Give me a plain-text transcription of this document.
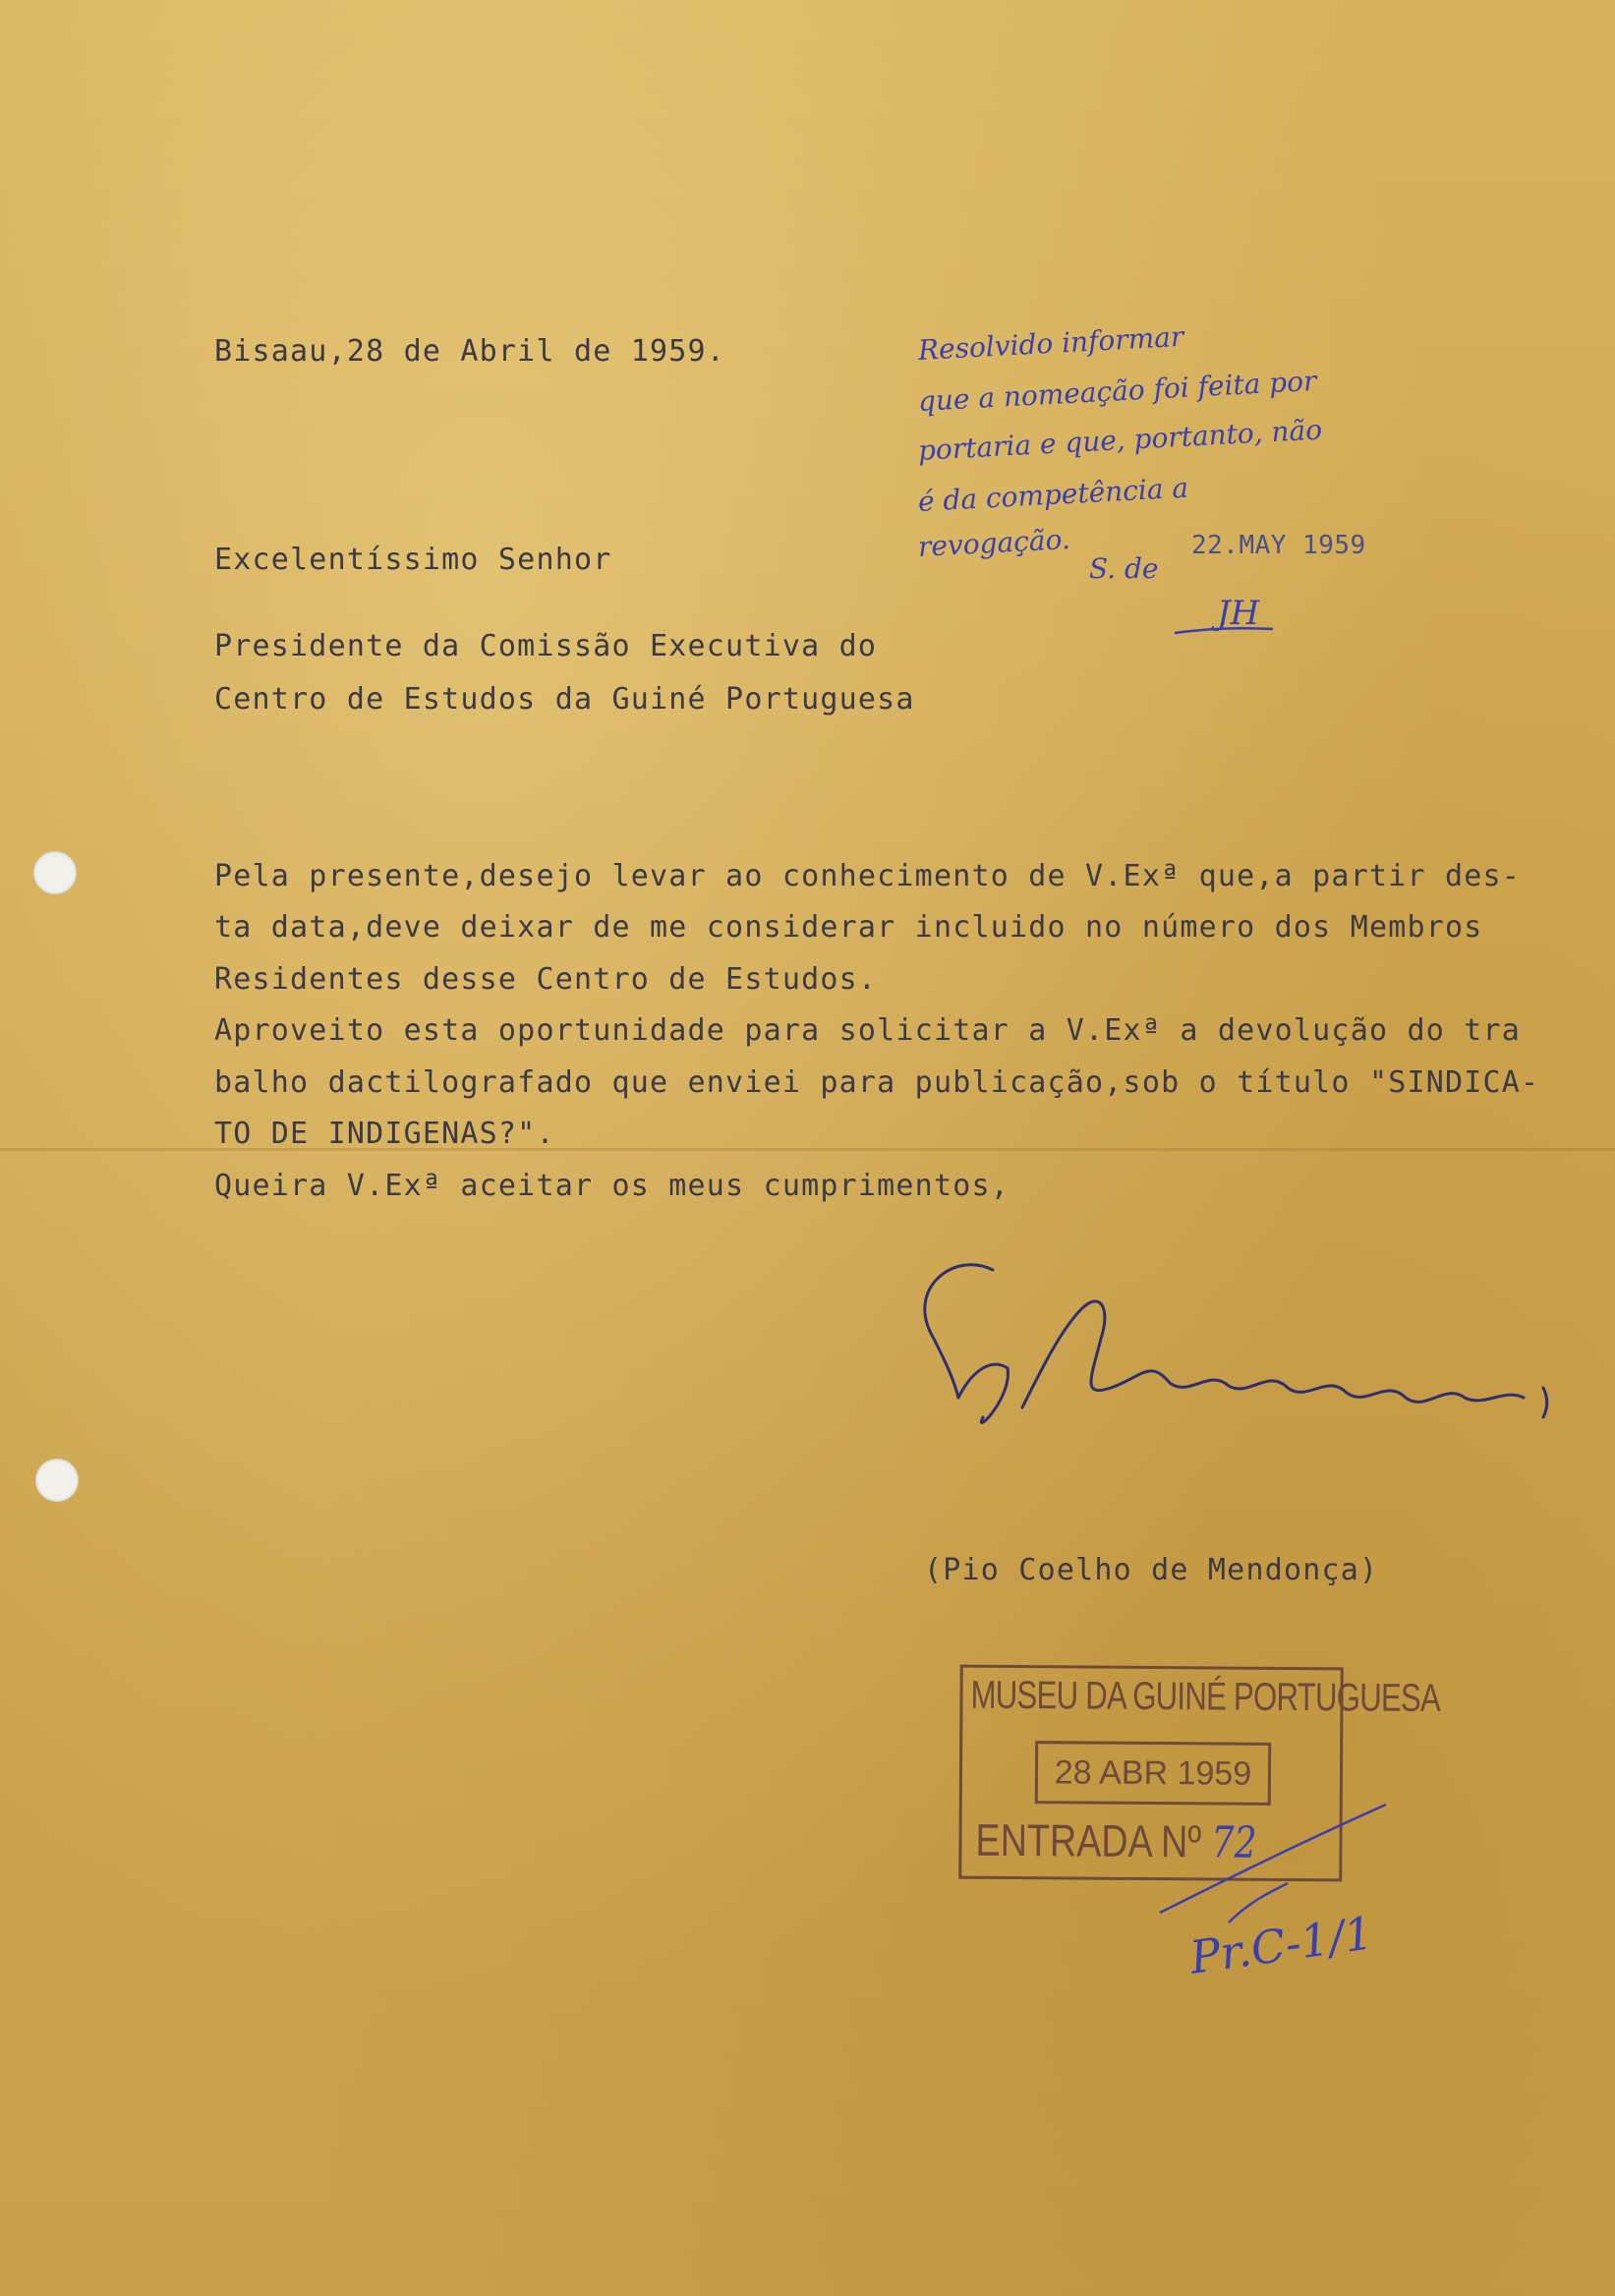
Bisaau,28 de Abril de 1959.
Excelentíssimo Senhor
Presidente da Comissão Executiva do
Centro de Estudos da Guiné Portuguesa
Pela presente,desejo levar ao conhecimento de V.Exª que,a partir des-
ta data,deve deixar de me considerar incluido no número dos Membros
Residentes desse Centro de Estudos.
Aproveito esta oportunidade para solicitar a V.Exª a devolução do tra
balho dactilografado que enviei para publicação,sob o título "SINDICA-
TO DE INDIGENAS?".
Queira V.Exª aceitar os meus cumprimentos,
Resolvido informar
que a nomeação foi feita por
portaria e que, portanto, não
é da competência a
revogação.
S. de
22.MAY 1959
JH
(Pio Coelho de Mendonça)
MUSEU DA GUINÉ PORTUGUESA
28 ABR 1959
ENTRADA Nº 72
Pr.C-1/1
